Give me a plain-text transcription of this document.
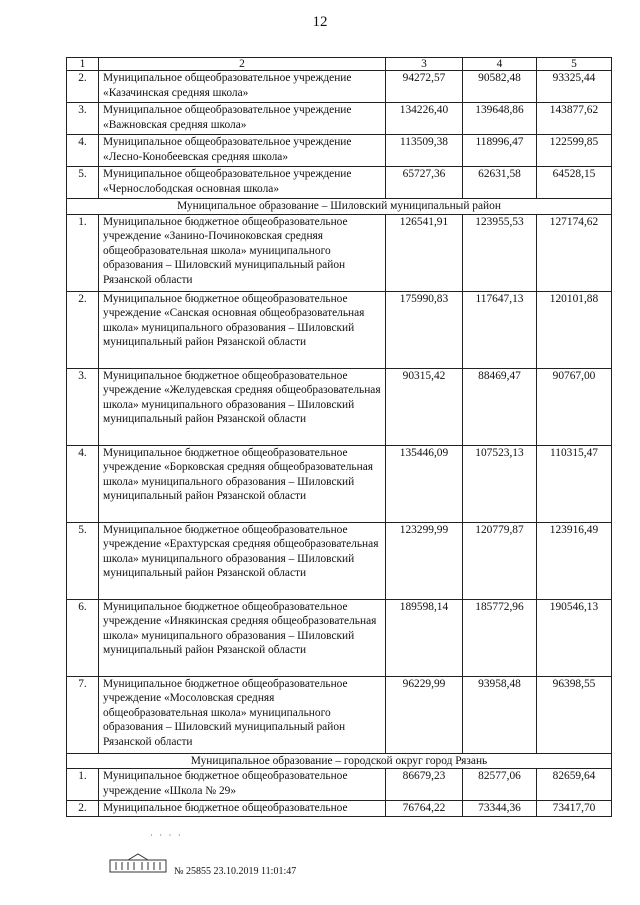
12
1	2	3	4	5
2.	Муниципальное общеобразовательное учреждение «Казачинская средняя школа»	94272,57	90582,48	93325,44
3.	Муниципальное общеобразовательное учреждение «Важновская средняя школа»	134226,40	139648,86	143877,62
4.	Муниципальное общеобразовательное учреждение «Лесно-Конобеевская средняя школа»	113509,38	118996,47	122599,85
5.	Муниципальное общеобразовательное учреждение «Чернослободская основная школа»	65727,36	62631,58	64528,15
Муниципальное образование – Шиловский муниципальный район				
1.	Муниципальное бюджетное общеобразовательное учреждение «Занино-Починоковская средняя общеобразовательная школа» муниципального образования – Шиловский муниципальный район Рязанской области	126541,91	123955,53	127174,62
2.	Муниципальное бюджетное общеобразовательное учреждение «Санская основная общеобразовательная школа» муниципального образования – Шиловский муниципальный район Рязанской области	175990,83	117647,13	120101,88
3.	Муниципальное бюджетное общеобразовательное учреждение «Желудевская средняя общеобразовательная школа» муниципального образования – Шиловский муниципальный район Рязанской области	90315,42	88469,47	90767,00
4.	Муниципальное бюджетное общеобразовательное учреждение «Борковская средняя общеобразовательная школа» муниципального образования – Шиловский муниципальный район Рязанской области	135446,09	107523,13	110315,47
5.	Муниципальное бюджетное общеобразовательное учреждение «Ерахтурская средняя общеобразовательная школа» муниципального образования – Шиловский муниципальный район Рязанской области	123299,99	120779,87	123916,49
6.	Муниципальное бюджетное общеобразовательное учреждение «Инякинская средняя общеобразовательная школа» муниципального образования – Шиловский муниципальный район Рязанской области	189598,14	185772,96	190546,13
7.	Муниципальное бюджетное общеобразовательное учреждение «Мосоловская средняя общеобразовательная школа» муниципального образования – Шиловский муниципальный район Рязанской области	96229,99	93958,48	96398,55
Муниципальное образование – городской округ город Рязань				
1.	Муниципальное бюджетное общеобразовательное учреждение «Школа № 29»	86679,23	82577,06	82659,64
2.	Муниципальное бюджетное общеобразовательное	76764,22	73344,36	73417,70
˙ ˙ ˙ ˙
№ 25855 23.10.2019 11:01:47
